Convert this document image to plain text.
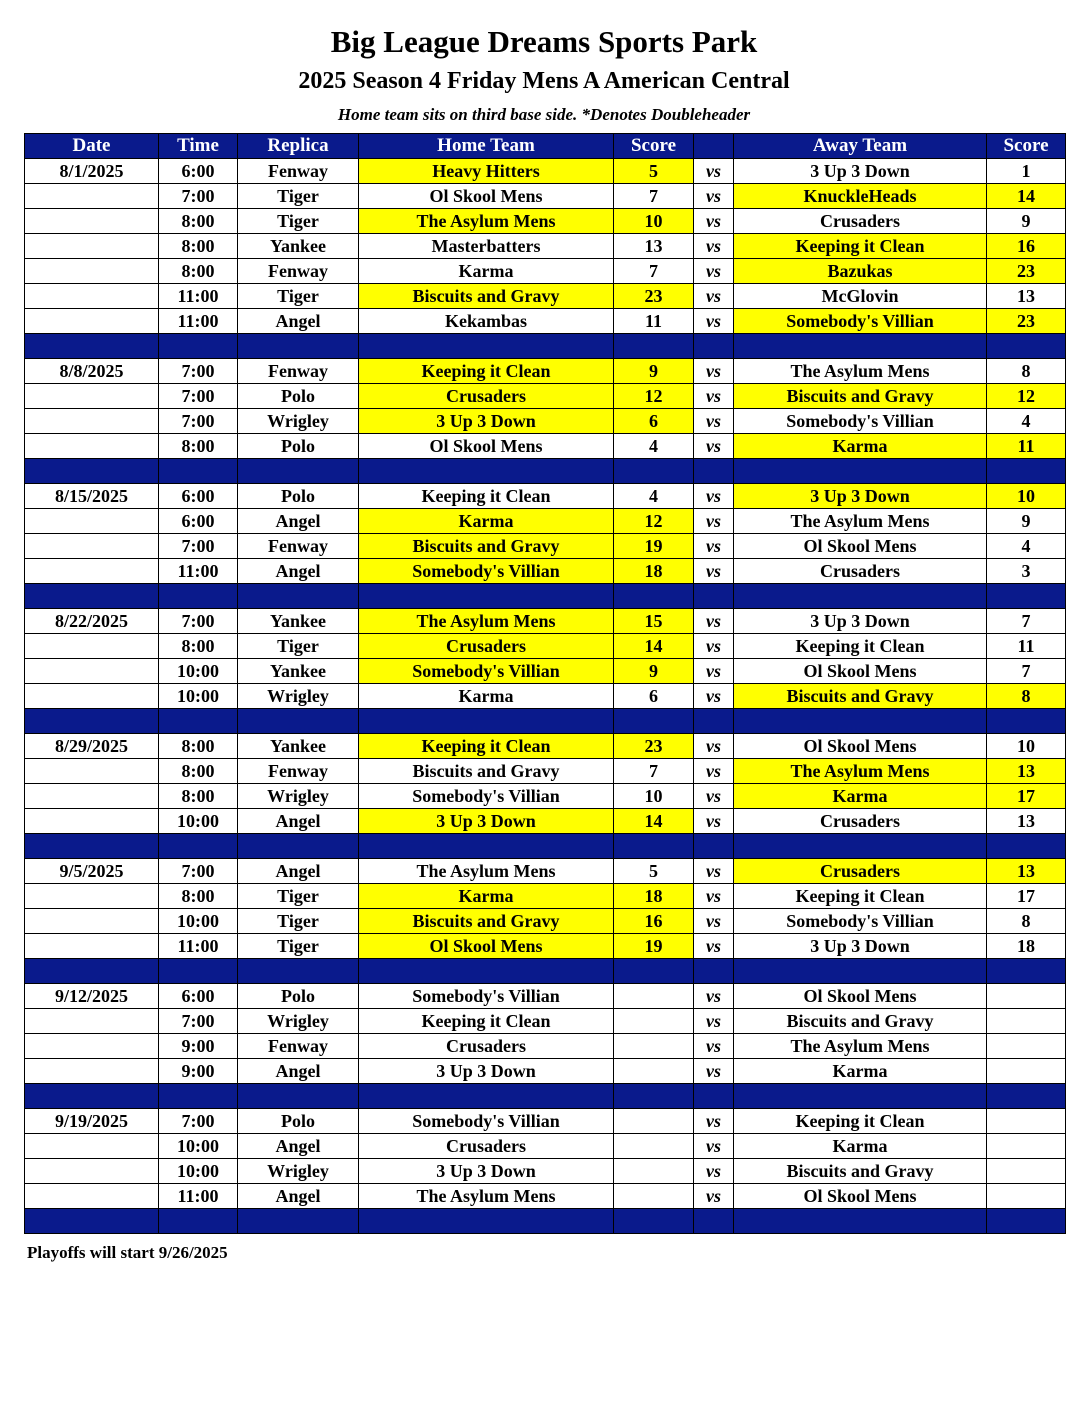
Big League Dreams Sports Park
2025 Season 4 Friday Mens A American Central
Home team sits on third base side. *Denotes Doubleheader
Date	Time	Replica	Home Team	Score		Away Team	Score
8/1/2025	6:00	Fenway	Heavy Hitters	5	vs	3 Up 3 Down	1
	7:00	Tiger	Ol Skool Mens	7	vs	KnuckleHeads	14
	8:00	Tiger	The Asylum Mens	10	vs	Crusaders	9
	8:00	Yankee	Masterbatters	13	vs	Keeping it Clean	16
	8:00	Fenway	Karma	7	vs	Bazukas	23
	11:00	Tiger	Biscuits and Gravy	23	vs	McGlovin	13
	11:00	Angel	Kekambas	11	vs	Somebody's Villian	23

8/8/2025	7:00	Fenway	Keeping it Clean	9	vs	The Asylum Mens	8
	7:00	Polo	Crusaders	12	vs	Biscuits and Gravy	12
	7:00	Wrigley	3 Up 3 Down	6	vs	Somebody's Villian	4
	8:00	Polo	Ol Skool Mens	4	vs	Karma	11

8/15/2025	6:00	Polo	Keeping it Clean	4	vs	3 Up 3 Down	10
	6:00	Angel	Karma	12	vs	The Asylum Mens	9
	7:00	Fenway	Biscuits and Gravy	19	vs	Ol Skool Mens	4
	11:00	Angel	Somebody's Villian	18	vs	Crusaders	3

8/22/2025	7:00	Yankee	The Asylum Mens	15	vs	3 Up 3 Down	7
	8:00	Tiger	Crusaders	14	vs	Keeping it Clean	11
	10:00	Yankee	Somebody's Villian	9	vs	Ol Skool Mens	7
	10:00	Wrigley	Karma	6	vs	Biscuits and Gravy	8

8/29/2025	8:00	Yankee	Keeping it Clean	23	vs	Ol Skool Mens	10
	8:00	Fenway	Biscuits and Gravy	7	vs	The Asylum Mens	13
	8:00	Wrigley	Somebody's Villian	10	vs	Karma	17
	10:00	Angel	3 Up 3 Down	14	vs	Crusaders	13

9/5/2025	7:00	Angel	The Asylum Mens	5	vs	Crusaders	13
	8:00	Tiger	Karma	18	vs	Keeping it Clean	17
	10:00	Tiger	Biscuits and Gravy	16	vs	Somebody's Villian	8
	11:00	Tiger	Ol Skool Mens	19	vs	3 Up 3 Down	18

9/12/2025	6:00	Polo	Somebody's Villian		vs	Ol Skool Mens	
	7:00	Wrigley	Keeping it Clean		vs	Biscuits and Gravy	
	9:00	Fenway	Crusaders		vs	The Asylum Mens	
	9:00	Angel	3 Up 3 Down		vs	Karma	

9/19/2025	7:00	Polo	Somebody's Villian		vs	Keeping it Clean	
	10:00	Angel	Crusaders		vs	Karma	
	10:00	Wrigley	3 Up 3 Down		vs	Biscuits and Gravy	
	11:00	Angel	The Asylum Mens		vs	Ol Skool Mens	

Playoffs will start 9/26/2025
